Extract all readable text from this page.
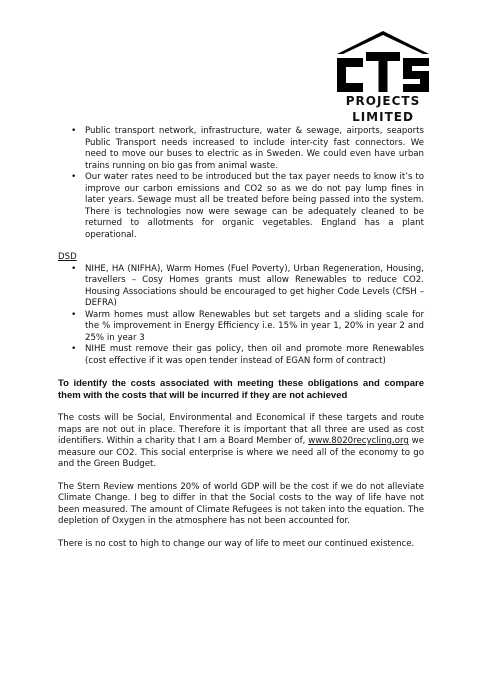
PROJECTS
LIMITED
• Public transport network, infrastructure, water & sewage, airports, seaports Public Transport needs increased to include inter-city fast connectors. We need to move our buses to electric as in Sweden. We could even have urban trains running on bio gas from animal waste.
• Our water rates need to be introduced but the tax payer needs to know it’s to improve our carbon emissions and CO2 so as we do not pay lump fines in later years. Sewage must all be treated before being passed into the system. There is technologies now were sewage can be adequately cleaned to be returned to allotments for organic vegetables. England has a plant operational.
DSD
• NIHE, HA (NIFHA), Warm Homes (Fuel Poverty), Urban Regeneration, Housing, travellers – Cosy Homes grants must allow Renewables to reduce CO2. Housing Associations should be encouraged to get higher Code Levels (CfSH – DEFRA)
• Warm homes must allow Renewables but set targets and a sliding scale for the % improvement in Energy Efficiency i.e. 15% in year 1, 20% in year 2 and 25% in year 3
• NIHE must remove their gas policy, then oil and promote more Renewables (cost effective if it was open tender instead of EGAN form of contract)

To identify the costs associated with meeting these obligations and compare them with the costs that will be incurred if they are not achieved

The costs will be Social, Environmental and Economical if these targets and route maps are not out in place. Therefore it is important that all three are used as cost identifiers. Within a charity that I am a Board Member of, www.8020recycling.org we measure our CO2. This social enterprise is where we need all of the economy to go and the Green Budget.

The Stern Review mentions 20% of world GDP will be the cost if we do not alleviate Climate Change. I beg to differ in that the Social costs to the way of life have not been measured. The amount of Climate Refugees is not taken into the equation. The depletion of Oxygen in the atmosphere has not been accounted for.

There is no cost to high to change our way of life to meet our continued existence.
